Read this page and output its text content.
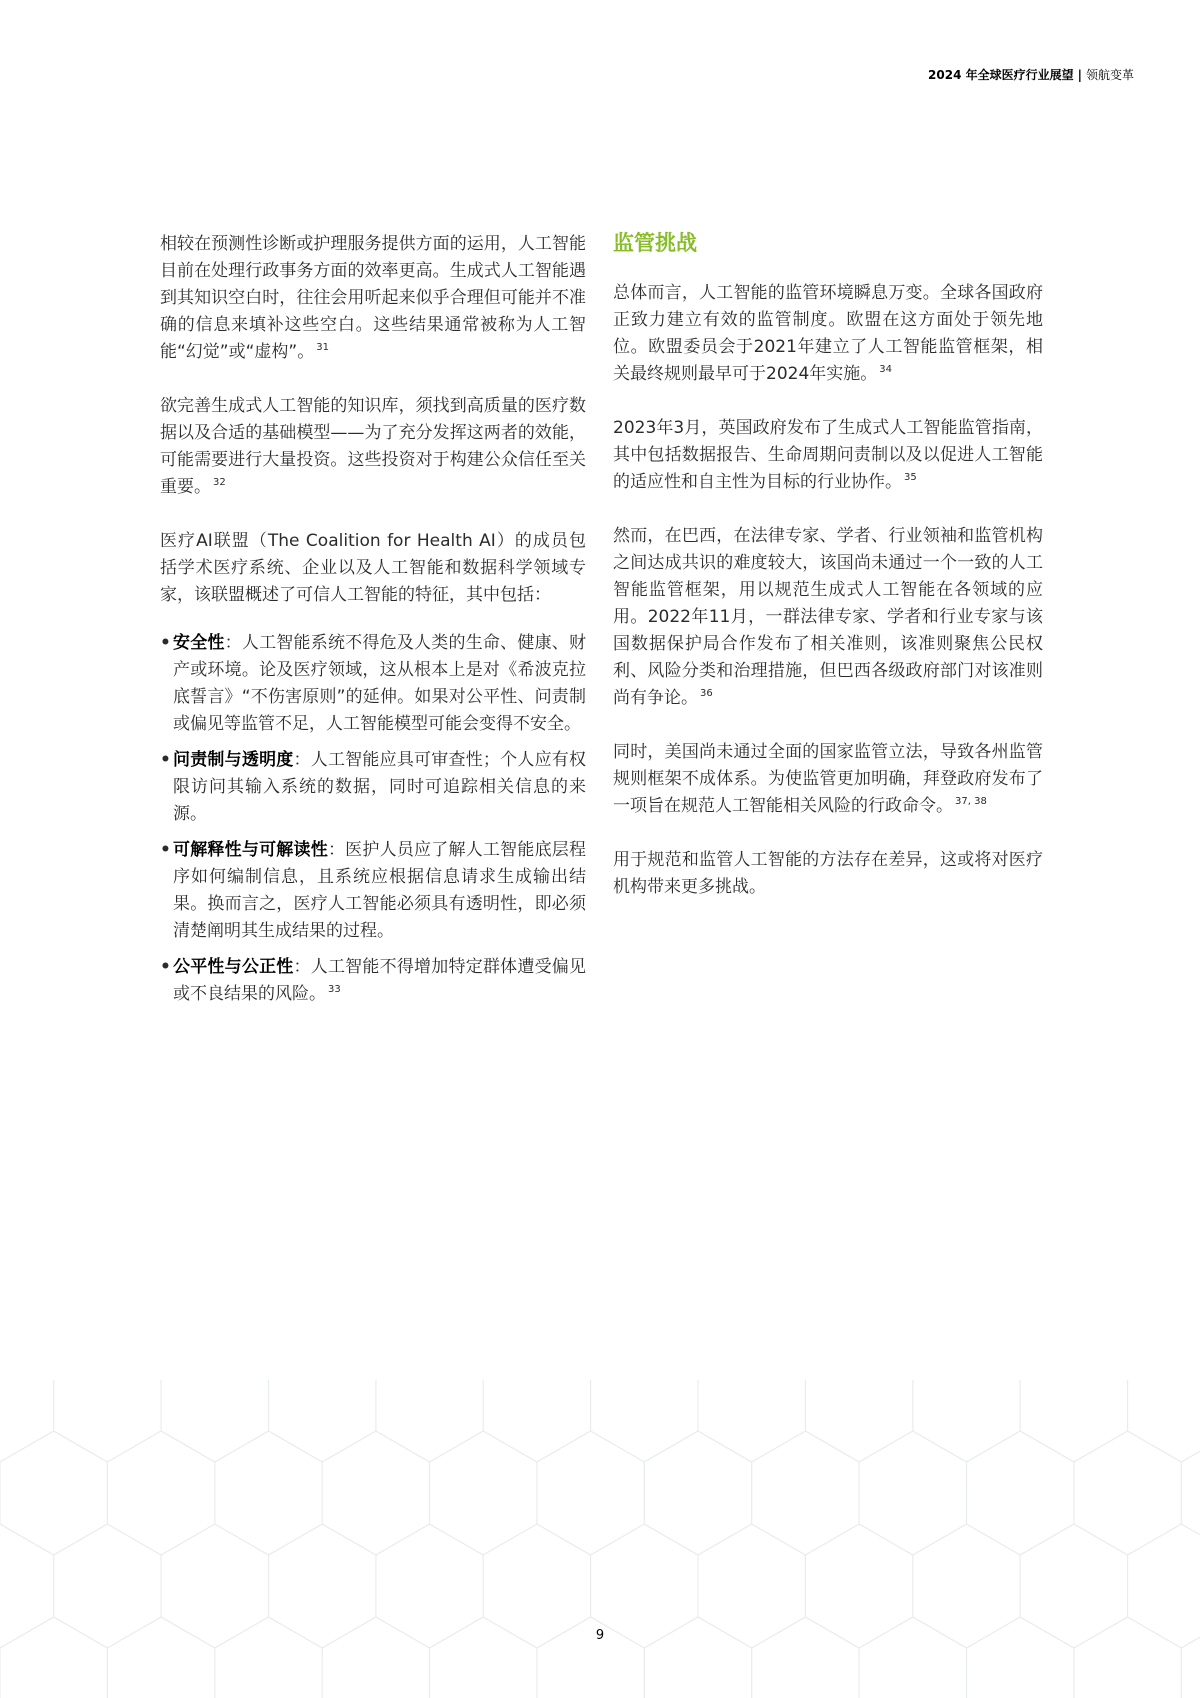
2024 年全球医疗行业展望 | 领航变革

相较在预测性诊断或护理服务提供方面的运用，人工智能目前在处理行政事务方面的效率更高。生成式人工智能遇到其知识空白时，往往会用听起来似乎合理但可能并不准确的信息来填补这些空白。这些结果通常被称为人工智能“幻觉”或“虚构”。 $^{31}$

欲完善生成式人工智能的知识库，须找到高质量的医疗数据以及合适的基础模型——为了充分发挥这两者的效能，可能需要进行大量投资。这些投资对于构建公众信任至关重要。 $^{32}$

医疗AI联盟（The Coalition for Health AI）的成员包括学术医疗系统、企业以及人工智能和数据科学领域专家，该联盟概述了可信人工智能的特征，其中包括：

• 安全性：人工智能系统不得危及人类的生命、健康、财产或环境。论及医疗领域，这从根本上是对《希波克拉底誓言》“不伤害原则”的延伸。如果对公平性、问责制或偏见等监管不足，人工智能模型可能会变得不安全。
• 问责制与透明度：人工智能应具可审查性；个人应有权限访问其输入系统的数据，同时可追踪相关信息的来源。
• 可解释性与可解读性：医护人员应了解人工智能底层程序如何编制信息，且系统应根据信息请求生成输出结果。换而言之，医疗人工智能必须具有透明性，即必须清楚阐明其生成结果的过程。
• 公平性与公正性：人工智能不得增加特定群体遭受偏见或不良结果的风险。 $^{33}$
监管挑战

总体而言，人工智能的监管环境瞬息万变。全球各国政府正致力建立有效的监管制度。欧盟在这方面处于领先地位。欧盟委员会于2021年建立了人工智能监管框架，相关最终规则最早可于2024年实施。 $^{34}$

2023年3月，英国政府发布了生成式人工智能监管指南，其中包括数据报告、生命周期问责制以及以促进人工智能的适应性和自主性为目标的行业协作。 $^{35}$

然而，在巴西，在法律专家、学者、行业领袖和监管机构之间达成共识的难度较大，该国尚未通过一个一致的人工智能监管框架，用以规范生成式人工智能在各领域的应用。2022年11月，一群法律专家、学者和行业专家与该国数据保护局合作发布了相关准则，该准则聚焦公民权利、风险分类和治理措施，但巴西各级政府部门对该准则尚有争论。 $^{36}$

同时，美国尚未通过全面的国家监管立法，导致各州监管规则框架不成体系。为使监管更加明确，拜登政府发布了一项旨在规范人工智能相关风险的行政命令。 $^{37, 38}$

用于规范和监管人工智能的方法存在差异，这或将对医疗机构带来更多挑战。

9
